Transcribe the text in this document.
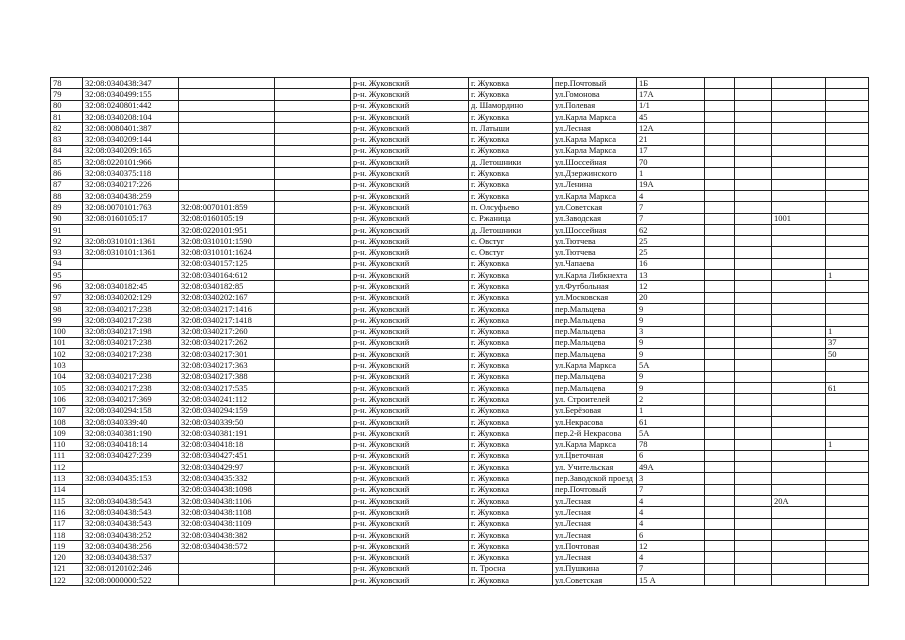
78	32:08:0340438:347			р-н. Жуковский	г. Жуковка	пер.Почтовый	1Б				
79	32:08:0340499:155			р-н. Жуковский	г. Жуковка	ул.Гомонова	17А				
80	32:08:0240801:442			р-н. Жуковский	д. Шамордино	ул.Полевая	1/1				
81	32:08:0340208:104			р-н. Жуковский	г. Жуковка	ул.Карла Маркса	45				
82	32:08:0080401:387			р-н. Жуковский	п. Латыши	ул.Лесная	12А				
83	32:08:0340209:144			р-н. Жуковский	г. Жуковка	ул.Карла Маркса	21				
84	32:08:0340209:165			р-н. Жуковский	г. Жуковка	ул.Карла Маркса	17				
85	32:08:0220101:966			р-н. Жуковский	д. Летошники	ул.Шоссейная	70				
86	32:08:0340375:118			р-н. Жуковский	г. Жуковка	ул.Дзержинского	1				
87	32:08:0340217:226			р-н. Жуковский	г. Жуковка	ул.Ленина	19А				
88	32:08:0340438:259			р-н. Жуковский	г. Жуковка	ул.Карла Маркса	4				
89	32:08:0070101:763	32:08:0070101:859		р-н. Жуковский	п. Олсуфьево	ул.Советская	7				
90	32:08:0160105:17	32:08:0160105:19		р-н. Жуковский	с. Ржаница	ул.Заводская	7			1001	
91		32:08:0220101:951		р-н. Жуковский	д. Летошники	ул.Шоссейная	62				
92	32:08:0310101:1361	32:08:0310101:1590		р-н. Жуковский	с. Овстуг	ул.Тютчева	25				
93	32:08:0310101:1361	32:08:0310101:1624		р-н. Жуковский	с. Овстуг	ул.Тютчева	25				
94		32:08:0340157:125		р-н. Жуковский	г. Жуковка	ул.Чапаева	16				
95		32:08:0340164:612		р-н. Жуковский	г. Жуковка	ул.Карла Либкнехта	13				1
96	32:08:0340182:45	32:08:0340182:85		р-н. Жуковский	г. Жуковка	ул.Футбольная	12				
97	32:08:0340202:129	32:08:0340202:167		р-н. Жуковский	г. Жуковка	ул.Московская	20				
98	32:08:0340217:238	32:08:0340217:1416		р-н. Жуковский	г. Жуковка	пер.Мальцева	9				
99	32:08:0340217:238	32:08:0340217:1418		р-н. Жуковский	г. Жуковка	пер.Мальцева	9				
100	32:08:0340217:198	32:08:0340217:260		р-н. Жуковский	г. Жуковка	пер.Мальцева	3				1
101	32:08:0340217:238	32:08:0340217:262		р-н. Жуковский	г. Жуковка	пер.Мальцева	9				37
102	32:08:0340217:238	32:08:0340217:301		р-н. Жуковский	г. Жуковка	пер.Мальцева	9				50
103		32:08:0340217:363		р-н. Жуковский	г. Жуковка	ул.Карла Маркса	5А				
104	32:08:0340217:238	32:08:0340217:388		р-н. Жуковский	г. Жуковка	пер.Мальцева	9				
105	32:08:0340217:238	32:08:0340217:535		р-н. Жуковский	г. Жуковка	пер.Мальцева	9				61
106	32:08:0340217:369	32:08:0340241:112		р-н. Жуковский	г. Жуковка	ул. Строителей	2				
107	32:08:0340294:158	32:08:0340294:159		р-н. Жуковский	г. Жуковка	ул.Берёзовая	1				
108	32:08:0340339:40	32:08:0340339:50		р-н. Жуковский	г. Жуковка	ул.Некрасова	61				
109	32:08:0340381:190	32:08:0340381:191		р-н. Жуковский	г. Жуковка	пер.2-й Некрасова	5А				
110	32:08:0340418:14	32:08:0340418:18		р-н. Жуковский	г. Жуковка	ул.Карла Маркса	78				1
111	32:08:0340427:239	32:08:0340427:451		р-н. Жуковский	г. Жуковка	ул.Цветочная	6				
112		32:08:0340429:97		р-н. Жуковский	г. Жуковка	ул. Учительская	49А				
113	32:08:0340435:153	32:08:0340435:332		р-н. Жуковский	г. Жуковка	пер.Заводской проезд	3				
114		32:08:0340438:1098		р-н. Жуковский	г. Жуковка	пер.Почтовый	7				
115	32:08:0340438:543	32:08:0340438:1106		р-н. Жуковский	г. Жуковка	ул.Лесная	4			20А	
116	32:08:0340438:543	32:08:0340438:1108		р-н. Жуковский	г. Жуковка	ул.Лесная	4				
117	32:08:0340438:543	32:08:0340438:1109		р-н. Жуковский	г. Жуковка	ул.Лесная	4				
118	32:08:0340438:252	32:08:0340438:382		р-н. Жуковский	г. Жуковка	ул.Лесная	6				
119	32:08:0340438:256	32:08:0340438:572		р-н. Жуковский	г. Жуковка	ул.Почтовая	12				
120	32:08:0340438:537			р-н. Жуковский	г. Жуковка	ул.Лесная	4				
121	32:08:0120102:246			р-н. Жуковский	п. Тросна	ул.Пушкина	7				
122	32:08:0000000:522			р-н. Жуковский	г. Жуковка	ул.Советская	15 А				
